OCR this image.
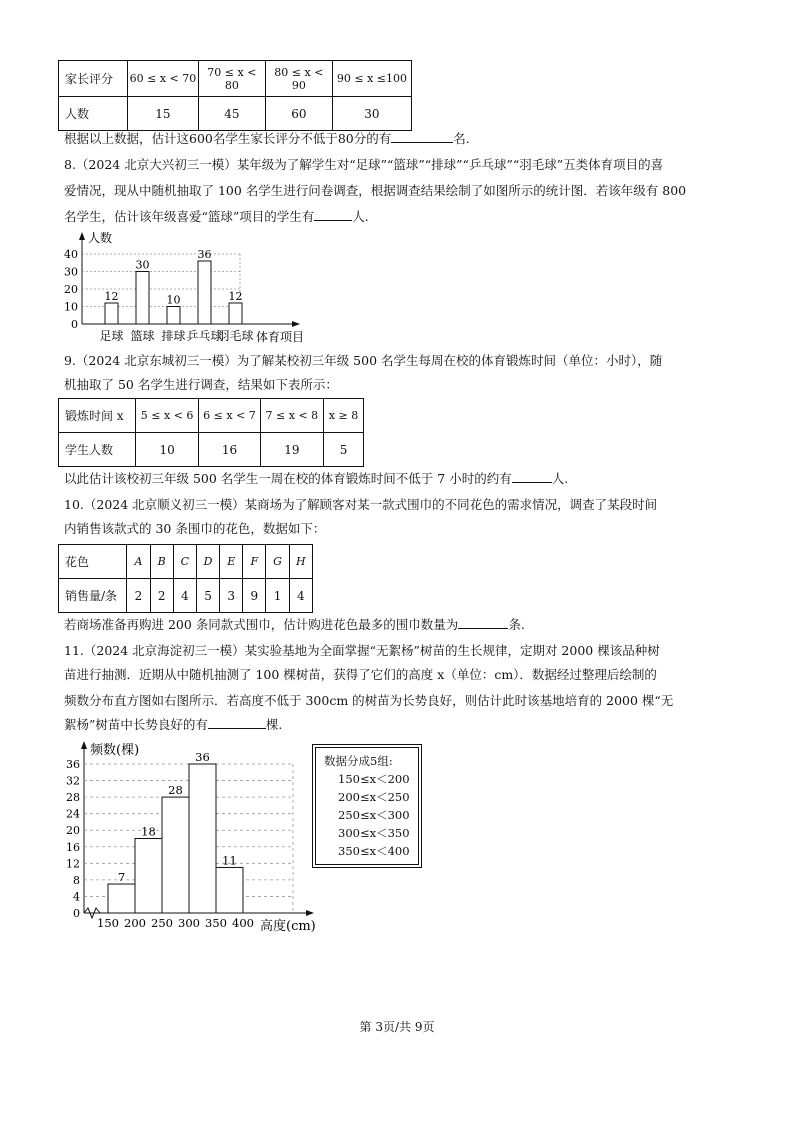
家长评分	60 ≤ x < 70	70 ≤ x < 80	80 ≤ x < 90	90 ≤ x ≤100
人数	15	45	60	30
根据以上数据，估计这600名学生家长评分不低于80分的有	名.
8.（2024 北京大兴初三一模）某年级为了解学生对“足球”“篮球”“排球”“乒乓球”“羽毛球”五类体育项目的喜
爱情况，现从中随机抽取了 100 名学生进行问卷调查，根据调查结果绘制了如图所示的统计图．若该年级有 800
名学生，估计该年级喜爱“篮球”项目的学生有	人.
人数
体育项目
0
10
20
30
40
12
足球
30
篮球
10
排球
36
乒乓球
12
羽毛球
9.（2024 北京东城初三一模）为了解某校初三年级 500 名学生每周在校的体育锻炼时间（单位：小时），随
机抽取了 50 名学生进行调查，结果如下表所示：
锻炼时间 x	5 ≤ x < 6	6 ≤ x < 7	7 ≤ x < 8	x ≥ 8
学生人数	10	16	19	5
以此估计该校初三年级 500 名学生一周在校的体育锻炼时间不低于 7 小时的约有	人.
10.（2024 北京顺义初三一模）某商场为了解顾客对某一款式围巾的不同花色的需求情况，调查了某段时间
内销售该款式的 30 条围巾的花色，数据如下：
花色	A	B	C	D	E	F	G	H
销售量/条	2	2	4	5	3	9	1	4
若商场准备再购进 200 条同款式围巾，估计购进花色最多的围巾数量为	条.
11.（2024 北京海淀初三一模）某实验基地为全面掌握“无絮杨”树苗的生长规律，定期对 2000 棵该品种树
苗进行抽测．近期从中随机抽测了 100 棵树苗，获得了它们的高度 x（单位：cm）．数据经过整理后绘制的
频数分布直方图如右图所示．若高度不低于 300cm 的树苗为长势良好，则估计此时该基地培育的 2000 棵“无
絮杨”树苗中长势良好的有	棵.
频数(棵)
高度(cm)
0
4
8
12
16
20
24
28
32
36
150 200 250 300 350 400
7
18
28
36
11
数据分成5组:
150≤x＜200
200≤x＜250
250≤x＜300
300≤x＜350
350≤x＜400
第 3页/共 9页
